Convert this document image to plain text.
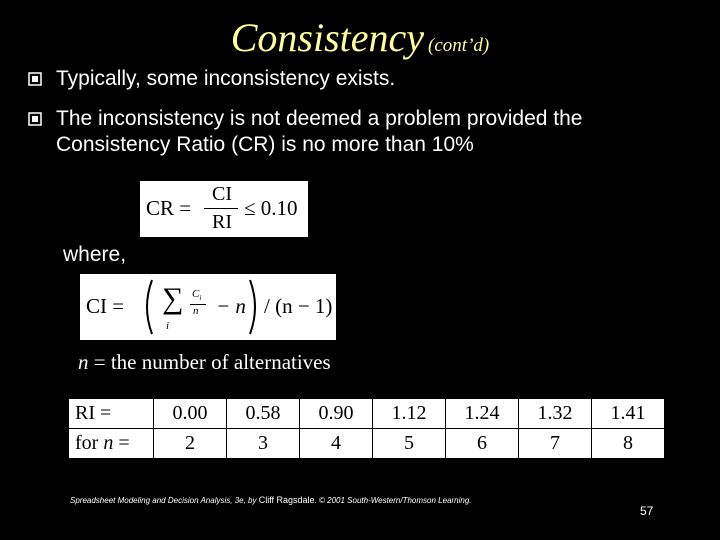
Consistency (cont’d)
Typically, some inconsistency exists.
The inconsistency is not deemed a problem provided the Consistency Ratio (CR) is no more than 10%
CR =
CI
RI
≤ 0.10
where,
CI = ∑
i
$C_i$
n − n / (n − 1)
n = the number of alternatives
RI =	0.00	0.58	0.90	1.12	1.24	1.32	1.41
for n =	2	3	4	5	6	7	8
Spreadsheet Modeling and Decision Analysis, 3e, by Cliff Ragsdale. © 2001 South-Western/Thomson Learning.
57
